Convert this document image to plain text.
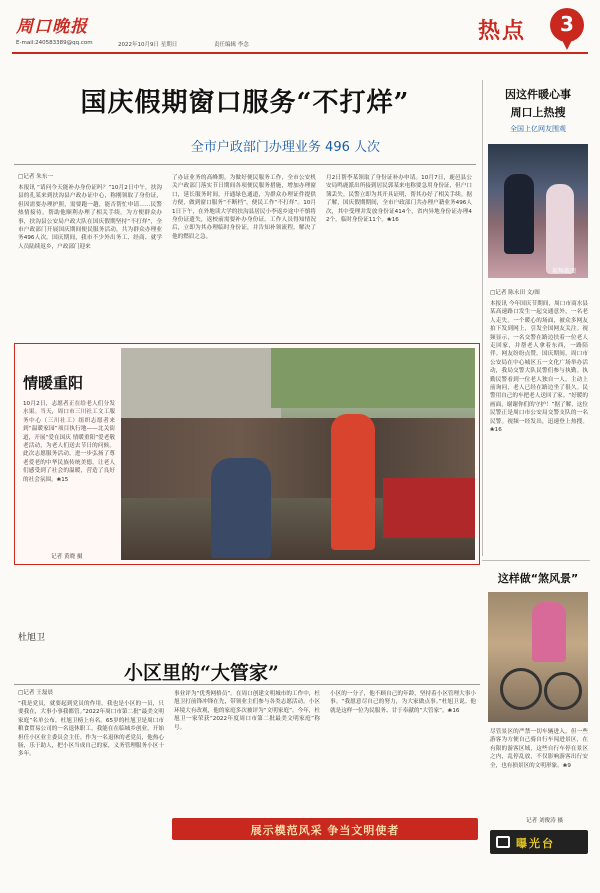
周口晚报
E-mail:240583389@qq.com	2022年10月9日 星期日	责任编辑 李念
热点	3
国庆假期窗口服务“不打烊”
全市户政部门办理业务 496 人次
□记者 朱东一
本报讯 “请问今天能补办身份证吗？”10月2日中午，扶沟县的孔某来到扶沟县户政办证中心，称刚领取了身份证，但因需要办理护照，需要跑一趟，能否帮忙申请……民警热情接待，帮助他顺利办理了相关手续。为方便群众办事，扶沟县公安局户政大队在国庆假期坚持“不打烊”，全市户政部门开展国庆期间便民服务活动，共为群众办理业务496人次。国庆期间，我市不少外出务工、经商、就学人员陆续返乡，户政部门迎来
了办证业务的高峰期。为做好便民服务工作，全市公安机关户政部门落实节日期间各项便民服务措施，增加办理窗口，延长服务时间，开通绿色通道，为群众办理证件提供方便，做到窗口服务“不断档”，便民工作“不打烊”。10月1日下午，在外地读大学的扶沟县居民小李返乡途中不慎将身份证遗失，返校前需要补办身份证。工作人员得知情况后，立即为其办理临时身份证，并告知补领流程，解决了他的燃眉之急。
月2日帮李某领取了身份证补办申请。10月7日，鹿邑县公安局鸣鹿派出所接到居民郭某来电称要急用身份证，但户口簿丢失。民警立即为其开具证明，帮其办好了相关手续。据了解，国庆假期期间，全市户政部门共办理户籍业务496人次，其中受理并发放身份证414个，省内异地身份证办理42个，临时身份证11个。❀16
因这件暖心事
周口上热搜
全国上亿网友围观
视频截图
□记者 陈永田 文/图
本报讯 今年国庆节期间，周口市商水县某高速路口发生一起交通意外，一名老人走失。一个暖心的场面，被众多网友拍下发到网上，引发全国网友关注。视频显示，一名交警在路边扶着一位老人走回家，并帮老人拿着东西，一路陪伴。网友纷纷点赞。国庆期间，周口市公安局在中心城区五一文化广场举办活动，我局交警大队民警们参与执勤。执勤民警看到一位老人独自一人，主动上前询问，老人已经在路边坐了很久。民警用自己的车把老人送回了家。“好暖的画面，谢谢你们的守护！”据了解，这位民警正是周口市公安局交警支队的一名民警。视频一经发出，迅速登上热搜。❀16
情暖重阳
10月2日，志愿者正在给老人们分发水果。当天，周口市三川社工文工服务中心（三川社工）组织志愿者来到“温暖家园”项目执行地——北关街道，开展“爱在国庆 情暖重阳”爱老敬老活动，为老人们送去节日的问候。此次志愿服务活动，进一步弘扬了尊老爱老的中华民族传统美德，让老人们感受到了社会的温暖，营造了良好的社会氛围。❀15
记者 黄晓 摄
杜旭卫
小区里的“大管家”
□记者 王磊晨
“我是党员，就要起到党员的作用，我也是小区的一员，只要我在，大事小事我都管。”2022年周口市第二批“最美文明家庭”名单公布，杜旭卫榜上有名。65岁的杜旭卫是周口市粮食贸易公司的一名退休职工。我能在在临城乡创业，开始担任小区业主委员会主任。作为一名退休的老党员，他热心肠，乐于助人，把小区当成自己的家，义务管理服务小区十多年。
事业评为“优秀网格员”。在周口创建文明城市的工作中，杜旭卫打前锋冲锋在先，带领业主们参与各类志愿活动。小区环境大有改观，他的家庭多次被评为“文明家庭”。今年，杜旭卫一家荣获“2022年度周口市第二批最美文明家庭”称号。
小区的一分子，他不顾自己的年龄，坚持着小区管理大事小事。“我愿意尽自己的努力，为大家做点事。”杜旭卫说。他就是这样一位为民服务、甘于奉献的“大管家”。❀16
展示模范风采 争当文明使者
这样做“煞风景”
尽管景区的严禁一切车辆进入，但一些游客为方便自己骑自行车闯进景区，在有限的游客区域，这些自行车停在景区之内，乱停乱放，不仅影响游客出行安全，也有损景区的文明形象。❀9
记者 刘俊涛 摄
曝光台
